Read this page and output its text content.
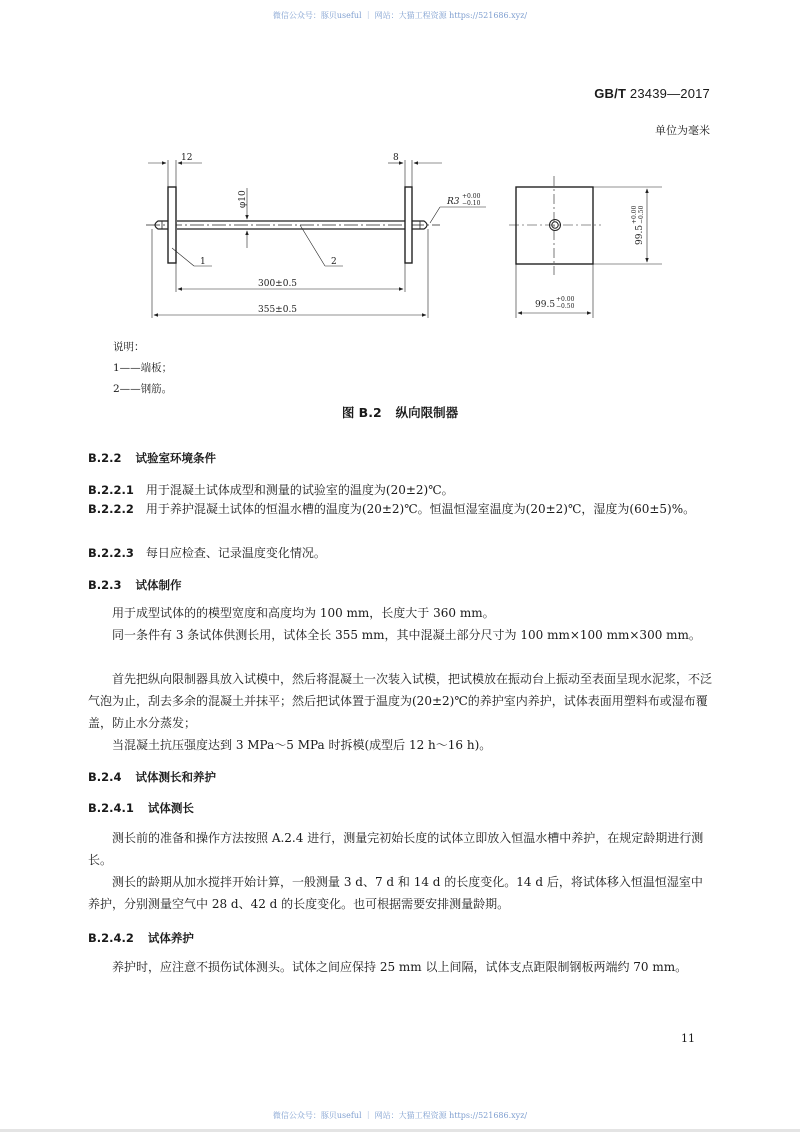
微信公众号：豚贝useful ｜ 网站：大猫工程资源 https://521686.xyz/
GB/T 23439—2017
单位为毫米
12	8
φ10
300±0.5
355±0.5
1	2
R3
+0.00
−0.10
99.5
+0.00 −0.50
99.5
+0.00
−0.50
说明：
1——端板；
2——钢筋。
图 B.2 纵向限制器
B.2.2 试验室环境条件
B.2.2.1 用于混凝土试体成型和测量的试验室的温度为(20±2)℃。
B.2.2.2 用于养护混凝土试体的恒温水槽的温度为(20±2)℃。恒温恒湿室温度为(20±2)℃，湿度为(60±5)%。
B.2.2.3 每日应检查、记录温度变化情况。
B.2.3 试体制作
用于成型试体的的模型宽度和高度均为 100 mm，长度大于 360 mm。
同一条件有 3 条试体供测长用，试体全长 355 mm，其中混凝土部分尺寸为 100 mm×100 mm×300 mm。
首先把纵向限制器具放入试模中，然后将混凝土一次装入试模，把试模放在振动台上振动至表面呈现水泥浆，不泛气泡为止，刮去多余的混凝土并抹平；然后把试体置于温度为(20±2)℃的养护室内养护，试体表面用塑料布或湿布覆盖，防止水分蒸发；
当混凝土抗压强度达到 3 MPa～5 MPa 时拆模(成型后 12 h～16 h)。
B.2.4 试体测长和养护
B.2.4.1 试体测长
测长前的准备和操作方法按照 A.2.4 进行，测量完初始长度的试体立即放入恒温水槽中养护，在规定龄期进行测长。
测长的龄期从加水搅拌开始计算，一般测量 3 d、7 d 和 14 d 的长度变化。14 d 后，将试体移入恒温恒湿室中养护，分别测量空气中 28 d、42 d 的长度变化。也可根据需要安排测量龄期。
B.2.4.2 试体养护
养护时，应注意不损伤试体测头。试体之间应保持 25 mm 以上间隔，试体支点距限制钢板两端约 70 mm。
11
微信公众号：豚贝useful ｜ 网站：大猫工程资源 https://521686.xyz/
